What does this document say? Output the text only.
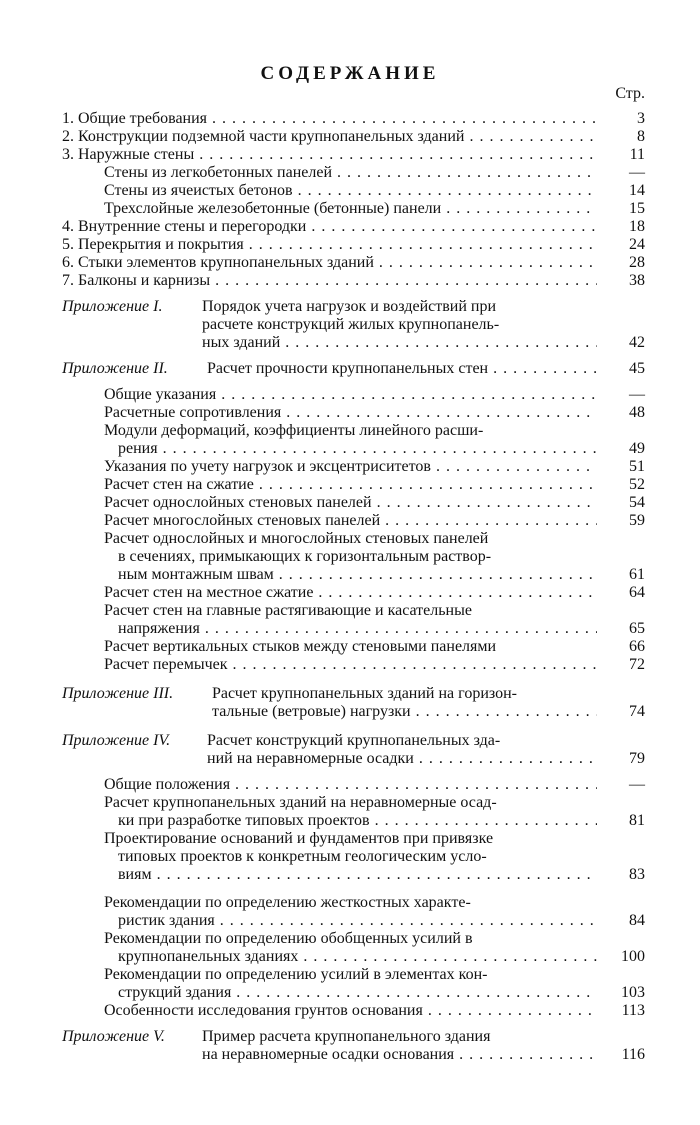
СОДЕРЖАНИЕ
Стр.
1. Общие требования . . .	3
2. Конструкции подземной части крупнопанельных зданий . . .	8
3. Наружные стены . . .	11
Стены из легкобетонных панелей . . .	—
Стены из ячеистых бетонов . . .	14
Трехслойные железобетонные (бетонные) панели . . .	15
4. Внутренние стены и перегородки . . .	18
5. Перекрытия и покрытия . . .	24
6. Стыки элементов крупнопанельных зданий . . .	28
7. Балконы и карнизы . . .	38
Приложение I. Порядок учета нагрузок и воздействий при
расчете конструкций жилых крупнопанель-
ных зданий . . .	42
Приложение II. Расчет прочности крупнопанельных стен . . .	45
Общие указания . . .	—
Расчетные сопротивления . . .	48
Модули деформаций, коэффициенты линейного расши-
рения . . .	49
Указания по учету нагрузок и эксцентриситетов . . .	51
Расчет стен на сжатие . . .	52
Расчет однослойных стеновых панелей . . .	54
Расчет многослойных стеновых панелей . . .	59
Расчет однослойных и многослойных стеновых панелей
в сечениях, примыкающих к горизонтальным раствор-
ным монтажным швам . . .	61
Расчет стен на местное сжатие . . .	64
Расчет стен на главные растягивающие и касательные
напряжения . . .	65
Расчет вертикальных стыков между стеновыми панелями	66
Расчет перемычек . . .	72
Приложение III. Расчет крупнопанельных зданий на горизон-
тальные (ветровые) нагрузки . . .	74
Приложение IV. Расчет конструкций крупнопанельных зда-
ний на неравномерные осадки . . .	79
Общие положения . . .	—
Расчет крупнопанельных зданий на неравномерные осад-
ки при разработке типовых проектов . . .	81
Проектирование оснований и фундаментов при привязке
типовых проектов к конкретным геологическим усло-
виям . . .	83
Рекомендации по определению жесткостных характе-
ристик здания . . .	84
Рекомендации по определению обобщенных усилий в
крупнопанельных зданиях . . .	100
Рекомендации по определению усилий в элементах кон-
струкций здания . . .	103
Особенности исследования грунтов основания . . .	113
Приложение V. Пример расчета крупнопанельного здания
на неравномерные осадки основания . . .	116
